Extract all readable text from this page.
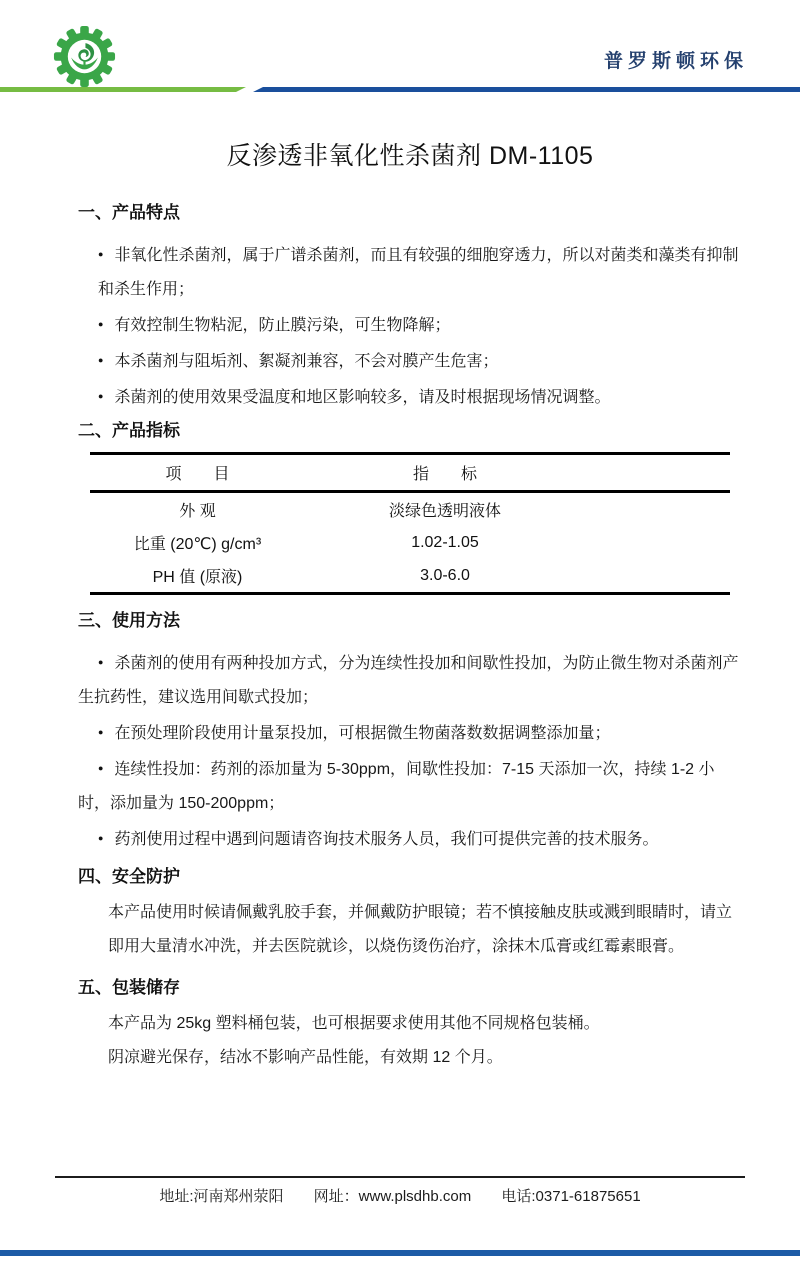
普罗斯顿环保
反渗透非氧化性杀菌剂 DM-1105
一、产品特点

● 非氧化性杀菌剂，属于广谱杀菌剂，而且有较强的细胞穿透力，所以对菌类和藻类有抑制和杀生作用；

● 有效控制生物粘泥，防止膜污染，可生物降解；

● 本杀菌剂与阻垢剂、絮凝剂兼容，不会对膜产生危害；

● 杀菌剂的使用效果受温度和地区影响较多，请及时根据现场情况调整。

二、产品指标
项　　目	指　　标
外 观	淡绿色透明液体
比重 (20℃) g/cm³	1.02-1.05
PH 值 (原液)	3.0-6.0
三、使用方法

● 杀菌剂的使用有两种投加方式，分为连续性投加和间歇性投加，为防止微生物对杀菌剂产生抗药性，建议选用间歇式投加；

● 在预处理阶段使用计量泵投加，可根据微生物菌落数数据调整添加量；

● 连续性投加：药剂的添加量为 5-30ppm，间歇性投加：7-15 天添加一次，持续 1-2 小时，添加量为 150-200ppm；

● 药剂使用过程中遇到问题请咨询技术服务人员，我们可提供完善的技术服务。

四、安全防护

本产品使用时候请佩戴乳胶手套，并佩戴防护眼镜；若不慎接触皮肤或溅到眼睛时，请立即用大量清水冲洗，并去医院就诊，以烧伤烫伤治疗，涂抹木瓜膏或红霉素眼膏。

五、包装储存

本产品为 25kg 塑料桶包装，也可根据要求使用其他不同规格包装桶。

阴凉避光保存，结冰不影响产品性能，有效期 12 个月。

地址:河南郑州荥阳 网址：www.plsdhb.com 电话:0371-61875651
